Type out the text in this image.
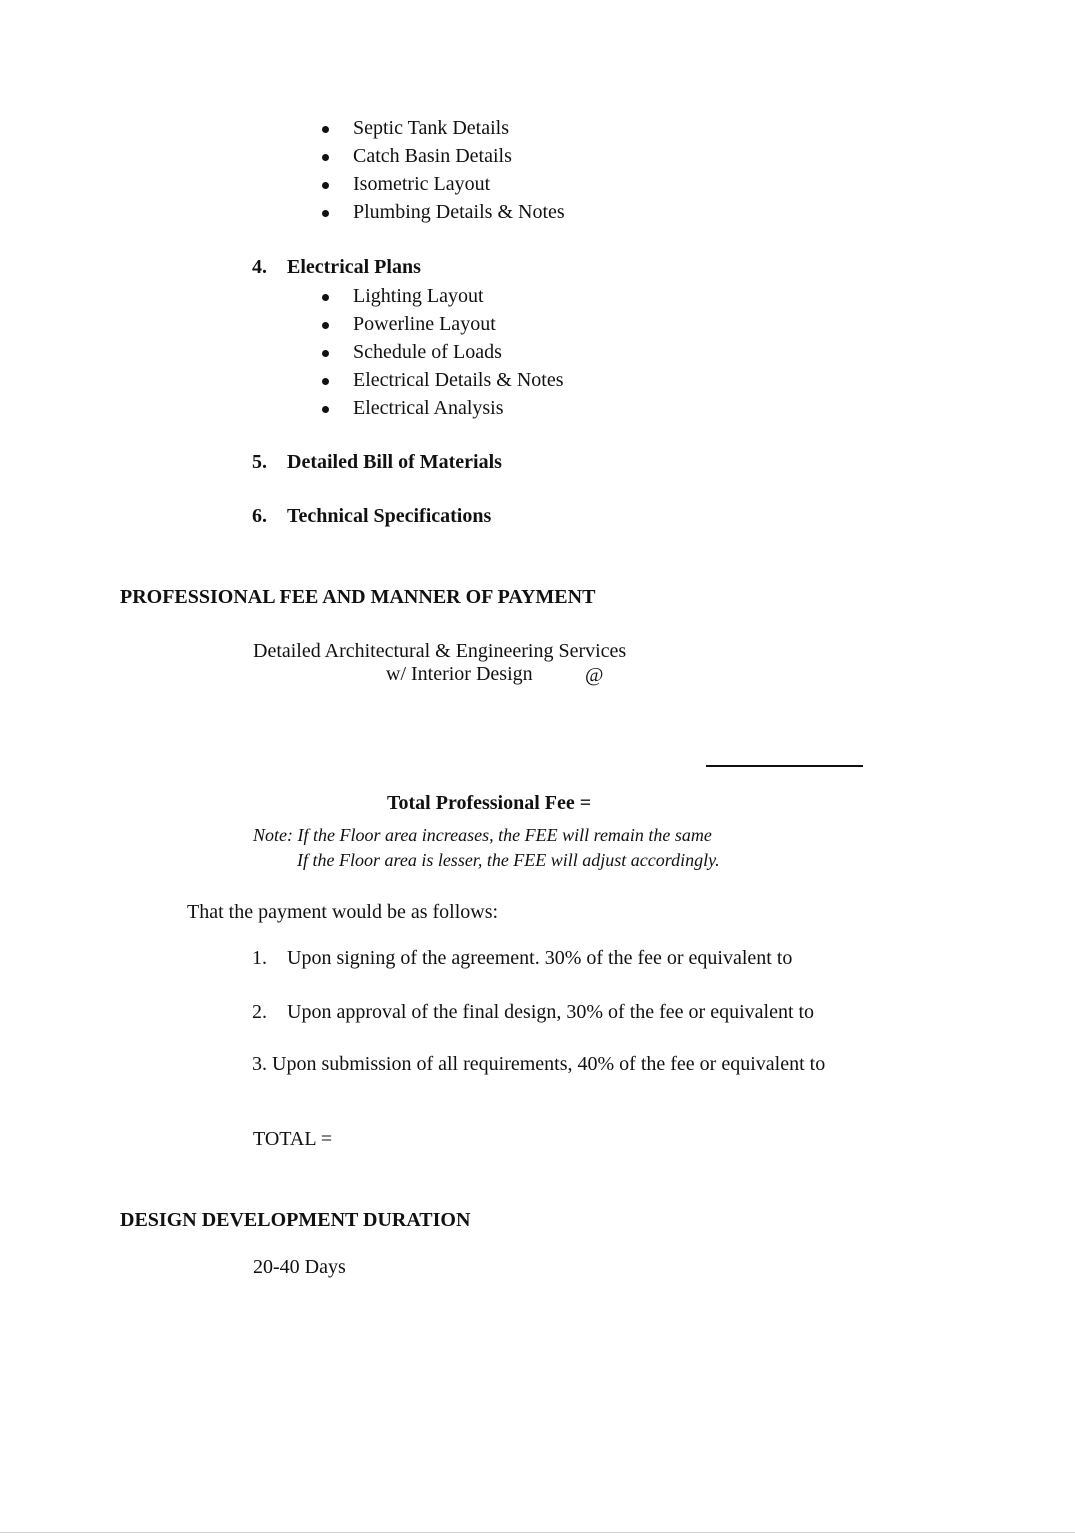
Septic Tank Details
Catch Basin Details
Isometric Layout
Plumbing Details & Notes
4. Electrical Plans
Lighting Layout
Powerline Layout
Schedule of Loads
Electrical Details & Notes
Electrical Analysis
5. Detailed Bill of Materials
6. Technical Specifications
PROFESSIONAL FEE AND MANNER OF PAYMENT
Detailed Architectural & Engineering Services
w/ Interior Design	@
Total Professional Fee =
Note: If the Floor area increases, the FEE will remain the same
If the Floor area is lesser, the FEE will adjust accordingly.
That the payment would be as follows:
1. Upon signing of the agreement. 30% of the fee or equivalent to
2. Upon approval of the final design, 30% of the fee or equivalent to
3. Upon submission of all requirements, 40% of the fee or equivalent to
TOTAL =
DESIGN DEVELOPMENT DURATION
20-40 Days
